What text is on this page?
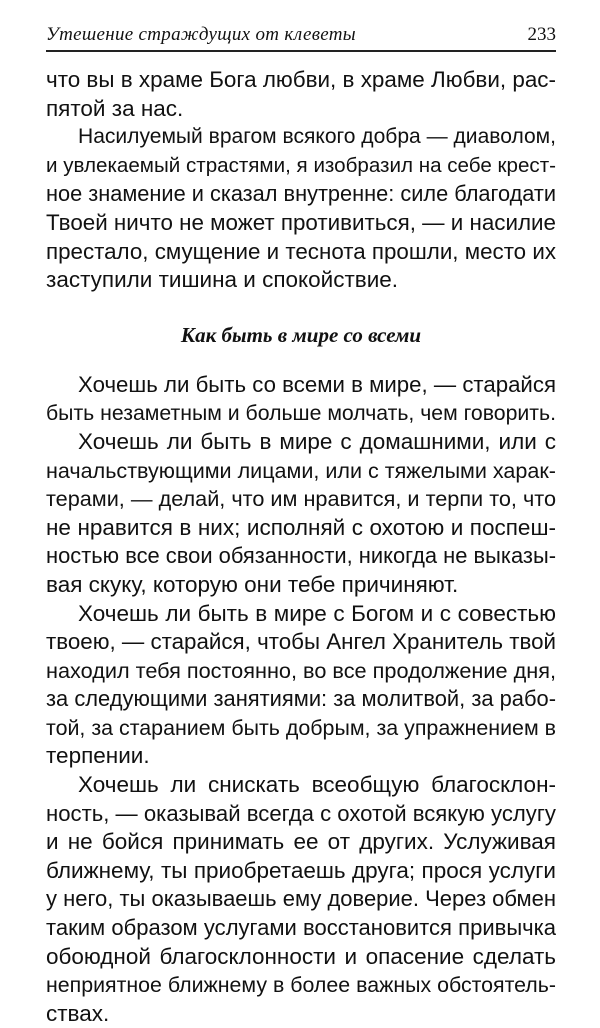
Утешение страждущих от клеветы	233

что вы в храме Бога любви, в храме Любви, рас-
пятой за нас.

Насилуемый врагом всякого добра — диаволом,
и увлекаемый страстями, я изобразил на себе крест-
ное знамение и сказал внутренне: силе благодати
Твоей ничто не может противиться, — и насилие
престало, смущение и теснота прошли, место их
заступили тишина и спокойствие.

Как быть в мире со всеми

Хочешь ли быть со всеми в мире, — старайся
быть незаметным и больше молчать, чем говорить.

Хочешь ли быть в мире с домашними, или с
начальствующими лицами, или с тяжелыми харак-
терами, — делай, что им нравится, и терпи то, что
не нравится в них; исполняй с охотою и поспеш-
ностью все свои обязанности, никогда не выказы-
вая скуку, которую они тебе причиняют.

Хочешь ли быть в мире с Богом и с совестью
твоею, — старайся, чтобы Ангел Хранитель твой
находил тебя постоянно, во все продолжение дня,
за следующими занятиями: за молитвой, за рабо-
той, за старанием быть добрым, за упражнением в
терпении.

Хочешь ли снискать всеобщую благосклон-
ность, — оказывай всегда с охотой всякую услугу
и не бойся принимать ее от других. Услуживая
ближнему, ты приобретаешь друга; прося услуги
у него, ты оказываешь ему доверие. Через обмен
таким образом услугами восстановится привычка
обоюдной благосклонности и опасение сделать
неприятное ближнему в более важных обстоятель-
ствах.
